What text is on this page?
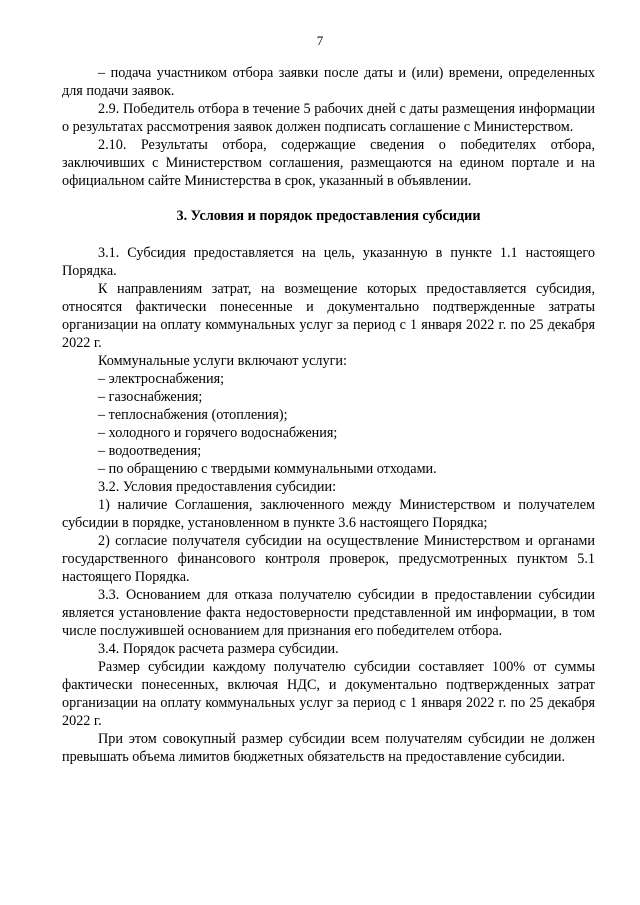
7

– подача участником отбора заявки после даты и (или) времени, определенных для подачи заявок.

2.9. Победитель отбора в течение 5 рабочих дней с даты размещения информации о результатах рассмотрения заявок должен подписать соглашение с Министерством.

2.10. Результаты отбора, содержащие сведения о победителях отбора, заключивших с Министерством соглашения, размещаются на едином портале и на официальном сайте Министерства в срок, указанный в объявлении.

3. Условия и порядок предоставления субсидии

3.1. Субсидия предоставляется на цель, указанную в пункте 1.1 настоящего Порядка.

К направлениям затрат, на возмещение которых предоставляется субсидия, относятся фактически понесенные и документально подтвержденные затраты организации на оплату коммунальных услуг за период с 1 января 2022 г. по 25 декабря 2022 г.

Коммунальные услуги включают услуги:

– электроснабжения;

– газоснабжения;

– теплоснабжения (отопления);

– холодного и горячего водоснабжения;

– водоотведения;

– по обращению с твердыми коммунальными отходами.

3.2. Условия предоставления субсидии:

1) наличие Соглашения, заключенного между Министерством и получателем субсидии в порядке, установленном в пункте 3.6 настоящего Порядка;

2) согласие получателя субсидии на осуществление Министерством и органами государственного финансового контроля проверок, предусмотренных пунктом 5.1 настоящего Порядка.

3.3. Основанием для отказа получателю субсидии в предоставлении субсидии является установление факта недостоверности представленной им информации, в том числе послужившей основанием для признания его победителем отбора.

3.4. Порядок расчета размера субсидии.

Размер субсидии каждому получателю субсидии составляет 100% от суммы фактически понесенных, включая НДС, и документально подтвержденных затрат организации на оплату коммунальных услуг за период с 1 января 2022 г. по 25 декабря 2022 г.

При этом совокупный размер субсидии всем получателям субсидии не должен превышать объема лимитов бюджетных обязательств на предоставление субсидии.
